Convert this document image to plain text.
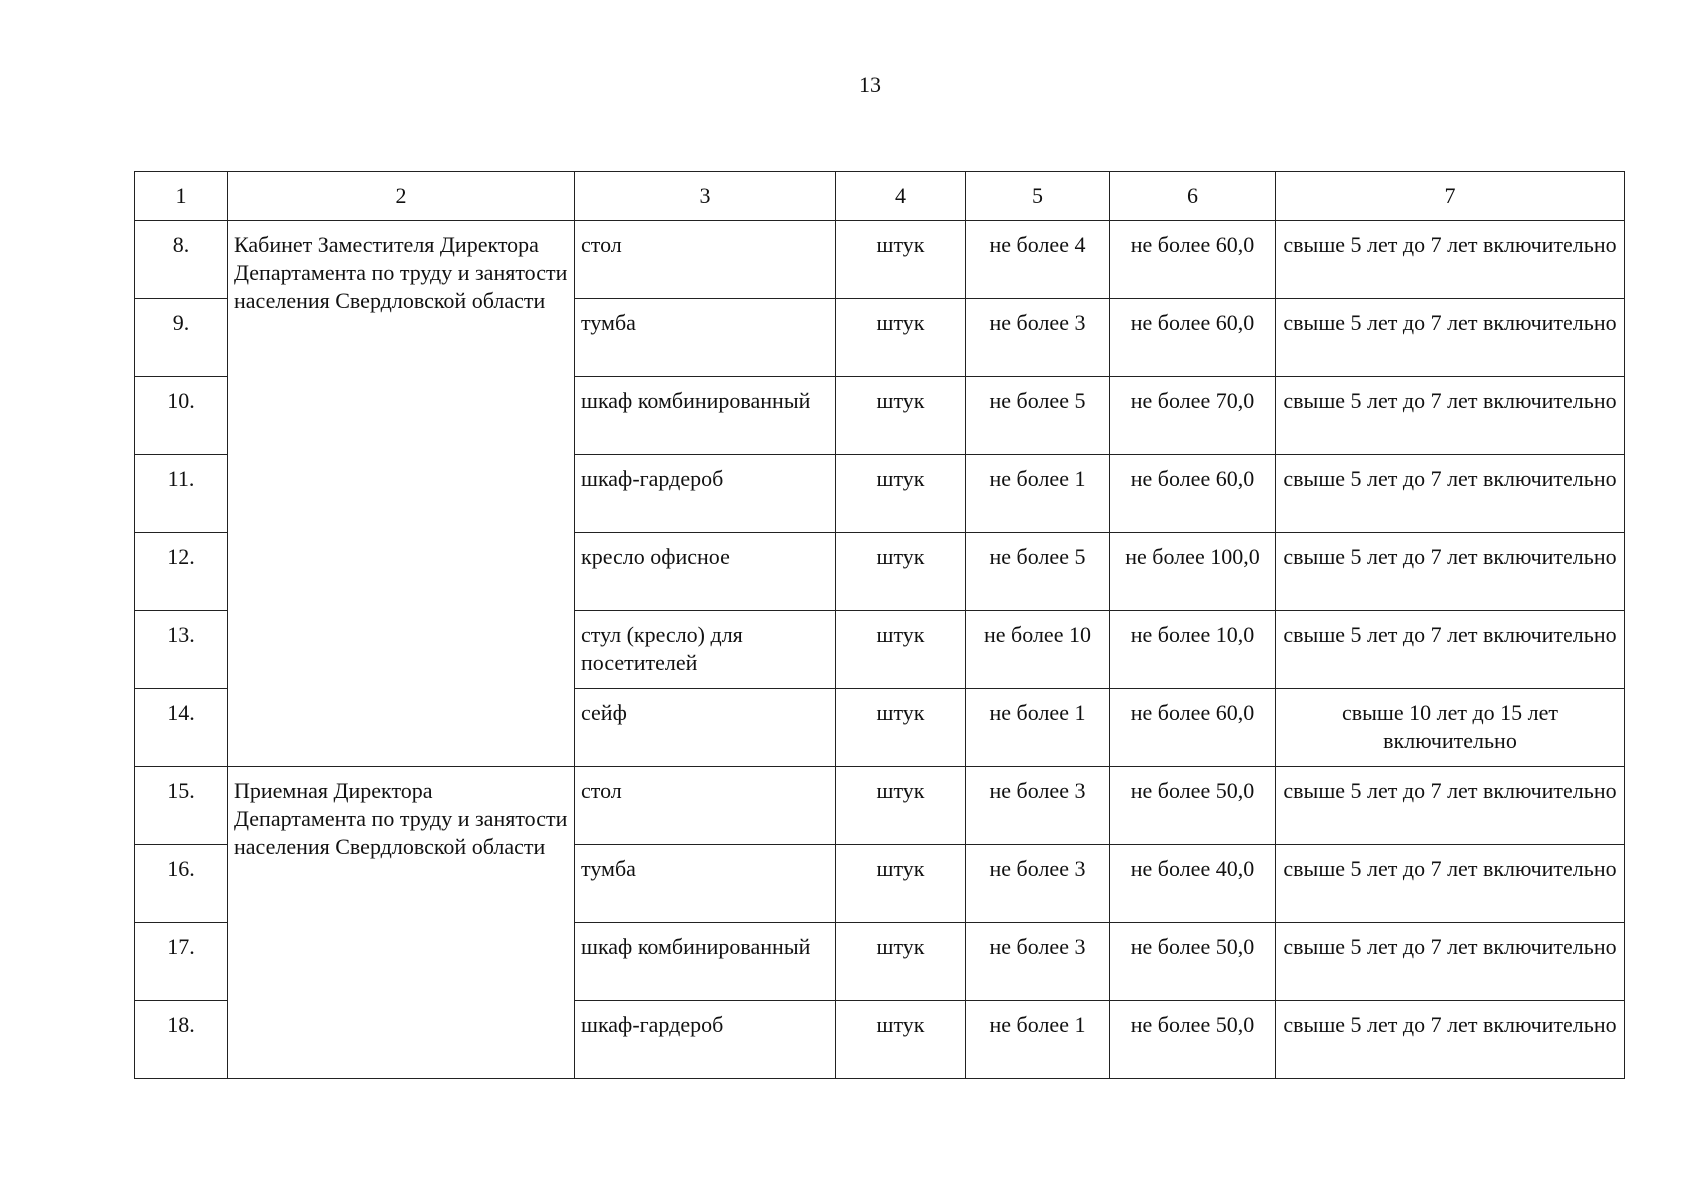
13
1	2	3	4	5	6	7
8.	Кабинет Заместителя Директора Департамента по труду и занятости населения Свердловской области	стол	штук	не более 4	не более 60,0	свыше 5 лет до 7 лет включительно
9.		тумба	штук	не более 3	не более 60,0	свыше 5 лет до 7 лет включительно
10.		шкаф комбинированный	штук	не более 5	не более 70,0	свыше 5 лет до 7 лет включительно
11.		шкаф-гардероб	штук	не более 1	не более 60,0	свыше 5 лет до 7 лет включительно
12.		кресло офисное	штук	не более 5	не более 100,0	свыше 5 лет до 7 лет включительно
13.		стул (кресло) для посетителей	штук	не более 10	не более 10,0	свыше 5 лет до 7 лет включительно
14.		сейф	штук	не более 1	не более 60,0	свыше 10 лет до 15 лет включительно
15.	Приемная Директора Департамента по труду и занятости населения Свердловской области	стол	штук	не более 3	не более 50,0	свыше 5 лет до 7 лет включительно
16.		тумба	штук	не более 3	не более 40,0	свыше 5 лет до 7 лет включительно
17.		шкаф комбинированный	штук	не более 3	не более 50,0	свыше 5 лет до 7 лет включительно
18.		шкаф-гардероб	штук	не более 1	не более 50,0	свыше 5 лет до 7 лет включительно
